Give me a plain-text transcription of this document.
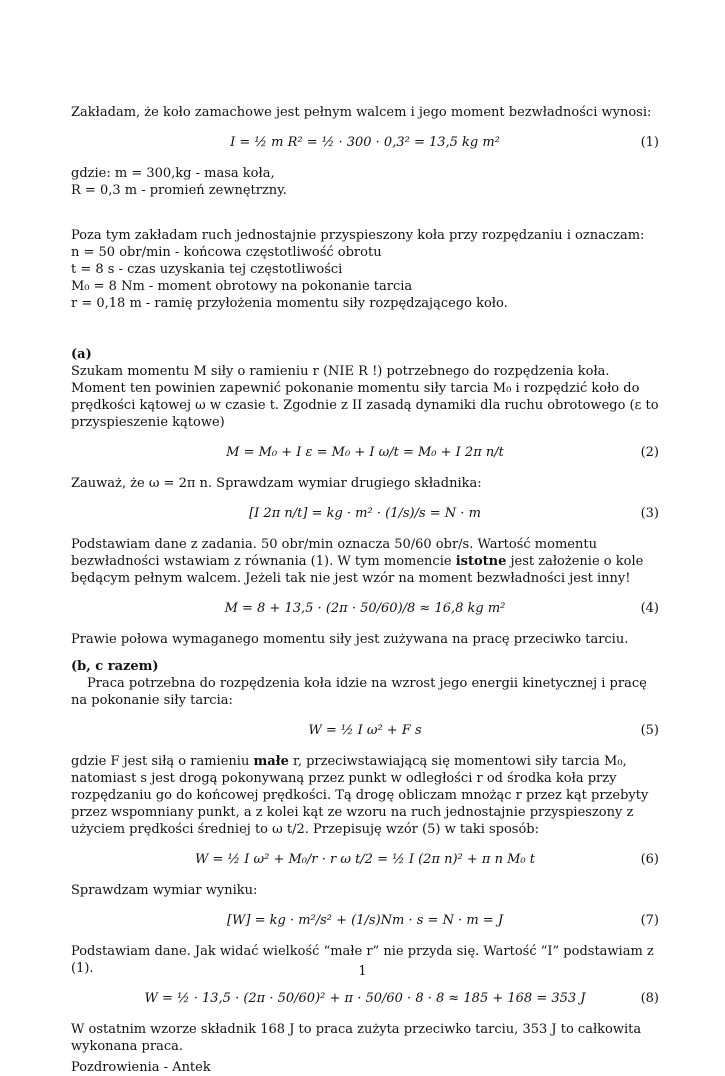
Zakładam, że koło zamachowe jest pełnym walcem i jego moment bezwładności wynosi:

I = ½ m R² = ½ · 300 · 0,3² = 13,5 kg m²	(1)

gdzie: m = 300,kg - masa koła,

R = 0,3 m - promień zewnętrzny.

Poza tym zakładam ruch jednostajnie przyspieszony koła przy rozpędzaniu i oznaczam:

n = 50 obr/min - końcowa częstotliwość obrotu

t = 8 s - czas uzyskania tej częstotliwości

M₀ = 8 Nm - moment obrotowy na pokonanie tarcia

r = 0,18 m - ramię przyłożenia momentu siły rozpędzającego koło.

(a)

Szukam momentu M siły o ramieniu r (NIE R !) potrzebnego do rozpędzenia koła. Moment ten powinien zapewnić pokonanie momentu siły tarcia M₀ i rozpędzić koło do prędkości kątowej ω w czasie t. Zgodnie z II zasadą dynamiki dla ruchu obrotowego (ε to przyspieszenie kątowe)

M = M₀ + I ε = M₀ + I ω/t = M₀ + I 2π n/t	(2)

Zauważ, że ω = 2π n. Sprawdzam wymiar drugiego składnika:

[I 2π n/t] = kg · m² · (1/s)/s = N · m	(3)

Podstawiam dane z zadania. 50 obr/min oznacza 50/60 obr/s. Wartość momentu bezwładności wstawiam z równania (1). W tym momencie istotne jest założenie o kole będącym pełnym walcem. Jeżeli tak nie jest wzór na moment bezwładności jest inny!

M = 8 + 13,5 · (2π · 50/60)/8 ≈ 16,8 kg m²	(4)

Prawie połowa wymaganego momentu siły jest zużywana na pracę przeciwko tarciu.

(b, c razem)

Praca potrzebna do rozpędzenia koła idzie na wzrost jego energii kinetycznej i pracę na pokonanie siły tarcia:

W = ½ I ω² + F s	(5)

gdzie F jest siłą o ramieniu małe r, przeciwstawiającą się momentowi siły tarcia M₀, natomiast s jest drogą pokonywaną przez punkt w odległości r od środka koła przy rozpędzaniu go do końcowej prędkości. Tą drogę obliczam mnożąc r przez kąt przebyty przez wspomniany punkt, a z kolei kąt ze wzoru na ruch jednostajnie przyspieszony z użyciem prędkości średniej to ω t/2. Przepisuję wzór (5) w taki sposób:

W = ½ I ω² + M₀/r · r ω t/2 = ½ I (2π n)² + π n M₀ t	(6)

Sprawdzam wymiar wyniku:

[W] = kg · m²/s² + (1/s)Nm · s = N · m = J	(7)

Podstawiam dane. Jak widać wielkość “małe r” nie przyda się. Wartość “I” podstawiam z (1).

W = ½ · 13,5 · (2π · 50/60)² + π · 50/60 · 8 · 8 ≈ 185 + 168 = 353 J	(8)

W ostatnim wzorze składnik 168 J to praca zużyta przeciwko tarciu, 353 J to całkowita wykonana praca.

Pozdrowienia - Antek

1
